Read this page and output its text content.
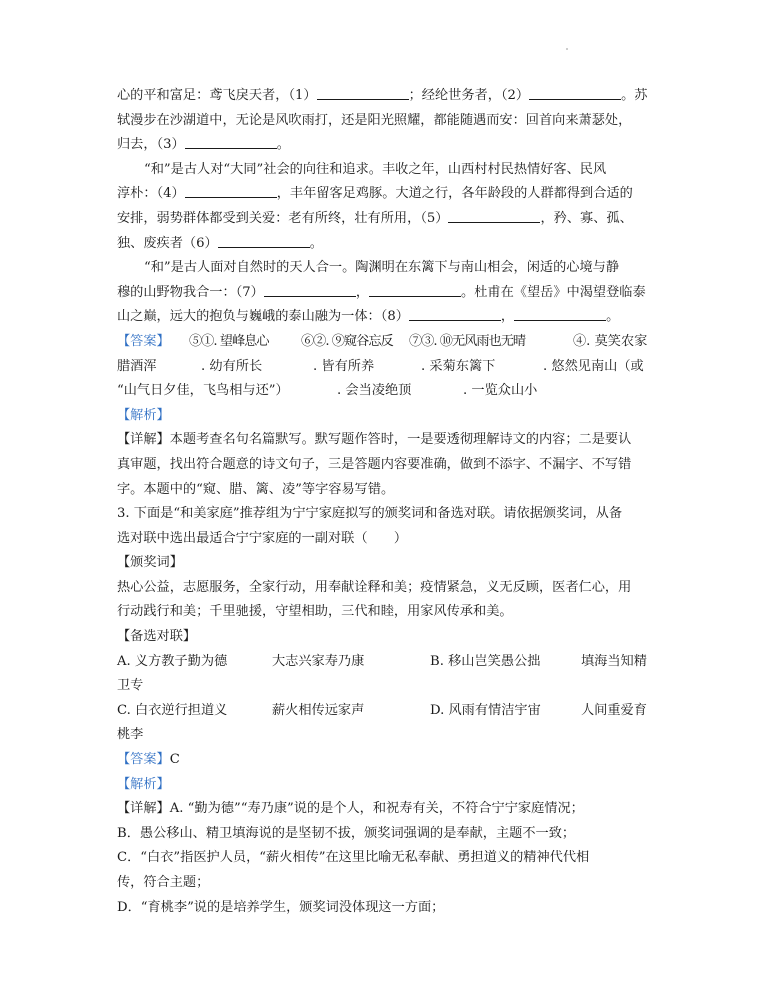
心的平和富足：鸢飞戾天者，（1）	；经纶世务者，（2）	。苏
轼漫步在沙湖道中，无论是风吹雨打，还是阳光照耀，都能随遇而安：回首向来萧瑟处，
归去，（3）	。
“和”是古人对“大同”社会的向往和追求。丰收之年，山西村村民热情好客、民风
淳朴：（4）	，丰年留客足鸡豚。大道之行，各年龄段的人群都得到合适的
安排，弱势群体都受到关爱：老有所终，壮有所用，（5）	，矜、寡、孤、
独、废疾者（6）	。
“和”是古人面对自然时的天人合一。陶渊明在东篱下与南山相会，闲适的心境与静
穆的山野物我合一：（7）	，	。杜甫在《望岳》中渴望登临泰
山之巅，远大的抱负与巍峨的泰山融为一体：（8）	，	。
【答案】 ⑤①. 望峰息心 ⑥②. ⑨窥谷忘反 ⑦③. ⑩无风雨也无晴	④. 莫笑农家
腊酒浑	. 幼有所长	. 皆有所养	. 采菊东篱下	. 悠然见南山（或
“山气日夕佳，飞鸟相与还”）	. 会当凌绝顶	. 一览众山小
【解析】
【详解】本题考查名句名篇默写。默写题作答时，一是要透彻理解诗文的内容；二是要认
真审题，找出符合题意的诗文句子，三是答题内容要准确，做到不添字、不漏字、不写错
字。本题中的“窥、腊、篱、凌”等字容易写错。
3. 下面是“和美家庭”推荐组为宁宁家庭拟写的颁奖词和备选对联。请依据颁奖词，从备
选对联中选出最适合宁宁家庭的一副对联（　　）
【颁奖词】
热心公益，志愿服务，全家行动，用奉献诠释和美；疫情紧急，义无反顾，医者仁心，用
行动践行和美；千里驰援，守望相助，三代和睦，用家风传承和美。
【备选对联】
A. 义方教子勤为德	大志兴家寿乃康	B. 移山岂笑愚公拙	填海当知精
卫专
C. 白衣逆行担道义	薪火相传远家声	D. 风雨有情洁宇宙	人间重爱育
桃李
【答案】C
【解析】
【详解】A. “勤为德”“寿乃康”说的是个人，和祝寿有关，不符合宁宁家庭情况；
B．愚公移山、精卫填海说的是坚韧不拔，颁奖词强调的是奉献，主题不一致；
C．“白衣”指医护人员，“薪火相传”在这里比喻无私奉献、勇担道义的精神代代相
传，符合主题；
D．“育桃李”说的是培养学生，颁奖词没体现这一方面；
